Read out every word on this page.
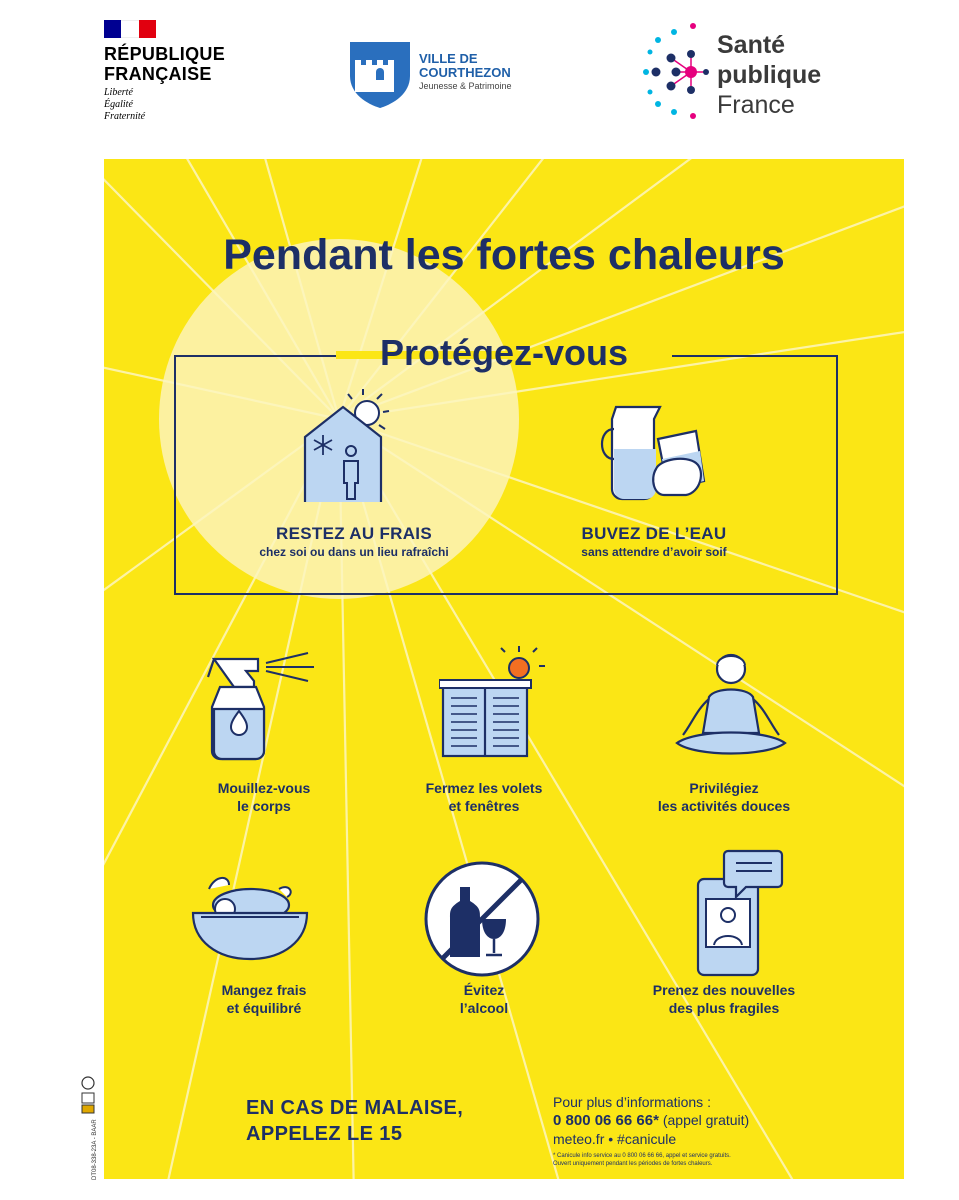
RÉPUBLIQUE
FRANÇAISE
Liberté
Égalité
Fraternité
VILLE DE
COURTHEZON
Jeunesse & Patrimoine
Santé
publique
France
Pendant les fortes chaleurs
Protégez-vous
RESTEZ AU FRAIS
chez soi ou dans un lieu rafraîchi
BUVEZ DE L’EAU
sans attendre d’avoir soif
Mouillez-vous
le corps
Fermez les volets
et fenêtres
Privilégiez
les activités douces
Mangez frais
et équilibré
Évitez
l’alcool
Prenez des nouvelles
des plus fragiles
EN CAS DE MALAISE,
APPELEZ LE 15
Pour plus d’informations :
0 800 06 66 66* (appel gratuit)
meteo.fr • #canicule
* Canicule info service au 0 800 06 66 66, appel et service gratuits.
Ouvert uniquement pendant les périodes de fortes chaleurs.
DT08-338-23A - BAAR
